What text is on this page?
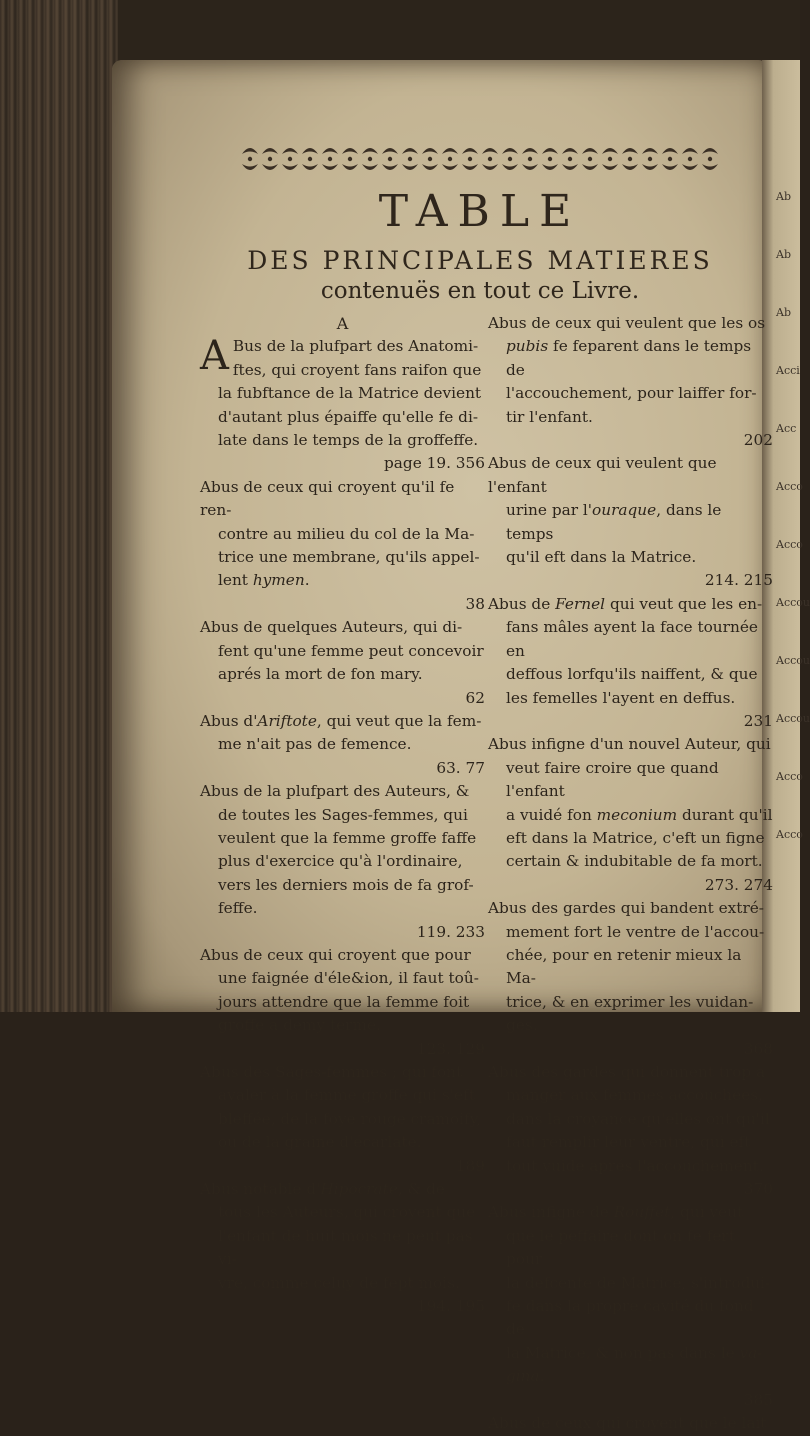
Ab
Ab
Ab
Acci
Acc
Acco
Acco
Accou
Accou
Accou
Acco
Acco
TABLE
DES PRINCIPALES MATIERES
contenuës en tout ce Livre.
A

A Bus de la plufpart des Anatomi-

ftes, qui croyent fans raifon que

la fubftance de la Matrice devient

d'autant plus épaiffe qu'elle fe di-

late dans le temps de la groffeffe.

page 19. 356

Abus de ceux qui croyent qu'il fe ren-

contre au milieu du col de la Ma-

trice une membrane, qu'ils appel-

lent hymen.

38

Abus de quelques Auteurs, qui di-

fent qu'une femme peut concevoir

aprés la mort de fon mary.

62

Abus d'Ariftote, qui veut que la fem-

me n'ait pas de femence.

63. 77

Abus de la plufpart des Auteurs, &

de toutes les Sages-femmes, qui

veulent que la femme groffe faffe

plus d'exercice qu'à l'ordinaire,

vers les derniers mois de fa grof-

feffe.

119. 233

Abus de ceux qui croyent que pour

une faignée d'éle&ion, il faut toû-

jours attendre que la femme foit

groffe à demy terme.

123. 129

Abus des Sages-femmes ; qui font

avaler à la femme groffe qui s'eft

bleffée, de la foye rouge cramoify,

ou de la graine d'écarlate.

189

Abus notable d'Hipocrate, & de

tous les Auteurs, qui croyent que

l'enfant de huit mois ne peut pas vi-

vre, comme celuy de fept mois.

194. 195

Abus de ceux qui veulent que les os

pubis fe feparent dans le temps de

l'accouchement, pour laiffer for-

tir l'enfant.

202

Abus de ceux qui veulent que l'enfant

urine par l'ouraque, dans le temps

qu'il eft dans la Matrice.

214. 215

Abus de Fernel qui veut que les en-

fans mâles ayent la face tournée en

deffous lorfqu'ils naiffent, & que

les femelles l'ayent en deffus.

231

Abus infigne d'un nouvel Auteur, qui

veut faire croire que quand l'enfant

a vuidé fon meconium durant qu'il

eft dans la Matrice, c'eft un figne

certain & indubitable de fa mort.

273. 274

Abus des gardes qui bandent extré-

mement fort le ventre de l'accou-

chée, pour en retenir mieux la Ma-

trice, & en exprimer les vuidan-

ges.

368

Abus des gardes qui donnent trop à

manger aux femmes accouchées,

dans la croyance qu'elles ont qu'il

faut remplir leur ventre, qui eft

tout vuide aprés l'accouchement.

370

Abus infigne de Rouffet, qui veut

que le peffaire dont on fe fert pour

la defcente de Matrice, s'introdui-

fe dans la propre cavité du fond de

la Matrice, & non pas dans le va-

gina.

385

Abus de ceux qui croyent que le lait
